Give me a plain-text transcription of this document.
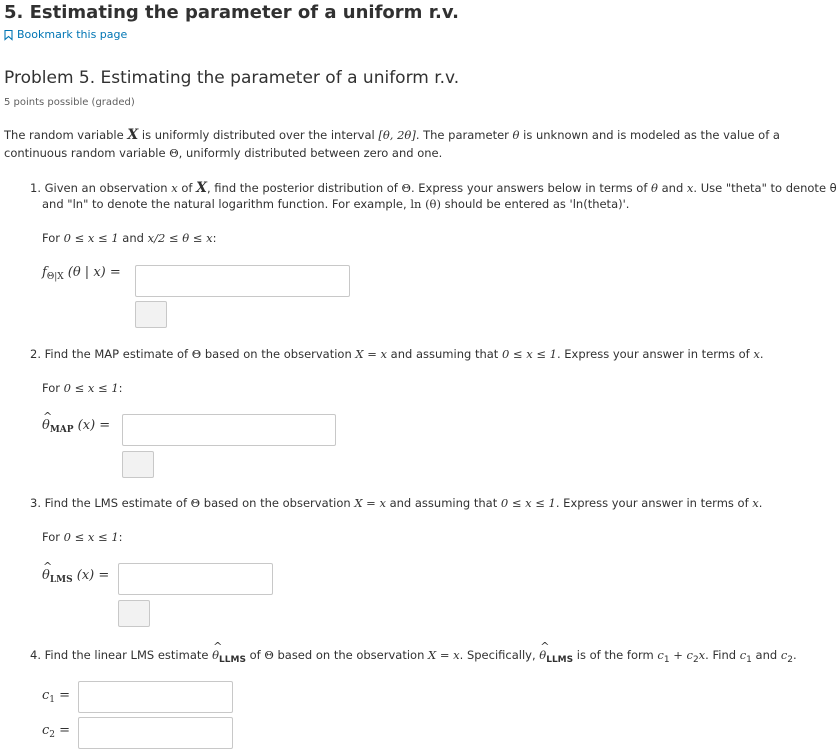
5. Estimating the parameter of a uniform r.v.
Bookmark this page
Problem 5. Estimating the parameter of a uniform r.v.
5 points possible (graded)
The random variable X is uniformly distributed over the interval [θ, 2θ]. The parameter θ is unknown and is modeled as the value of a
continuous random variable Θ, uniformly distributed between zero and one.
1. Given an observation x of X, find the posterior distribution of Θ. Express your answers below in terms of θ and x. Use "theta" to denote θ
and "ln" to denote the natural logarithm function. For example, ln (θ) should be entered as 'ln(theta)'.
For 0 ≤ x ≤ 1 and x/2 ≤ θ ≤ x:
$f_{\Theta|X}$ (θ | x) =
2. Find the MAP estimate of Θ based on the observation X = x and assuming that 0 ≤ x ≤ 1. Express your answer in terms of x.
For 0 ≤ x ≤ 1:
^ $\theta_{MAP}$ (x) =
3. Find the LMS estimate of Θ based on the observation X = x and assuming that 0 ≤ x ≤ 1. Express your answer in terms of x.
For 0 ≤ x ≤ 1:
^ $\theta_{LMS}$ (x) =
4. Find the linear LMS estimate ^ $\theta_{LLMS}$ of Θ based on the observation X = x. Specifically, ^ $\theta_{LLMS}$ is of the form $c_1 + c_2x$. Find $c_1$ and $c_2$.
$c_1$ =
$c_2$ =
